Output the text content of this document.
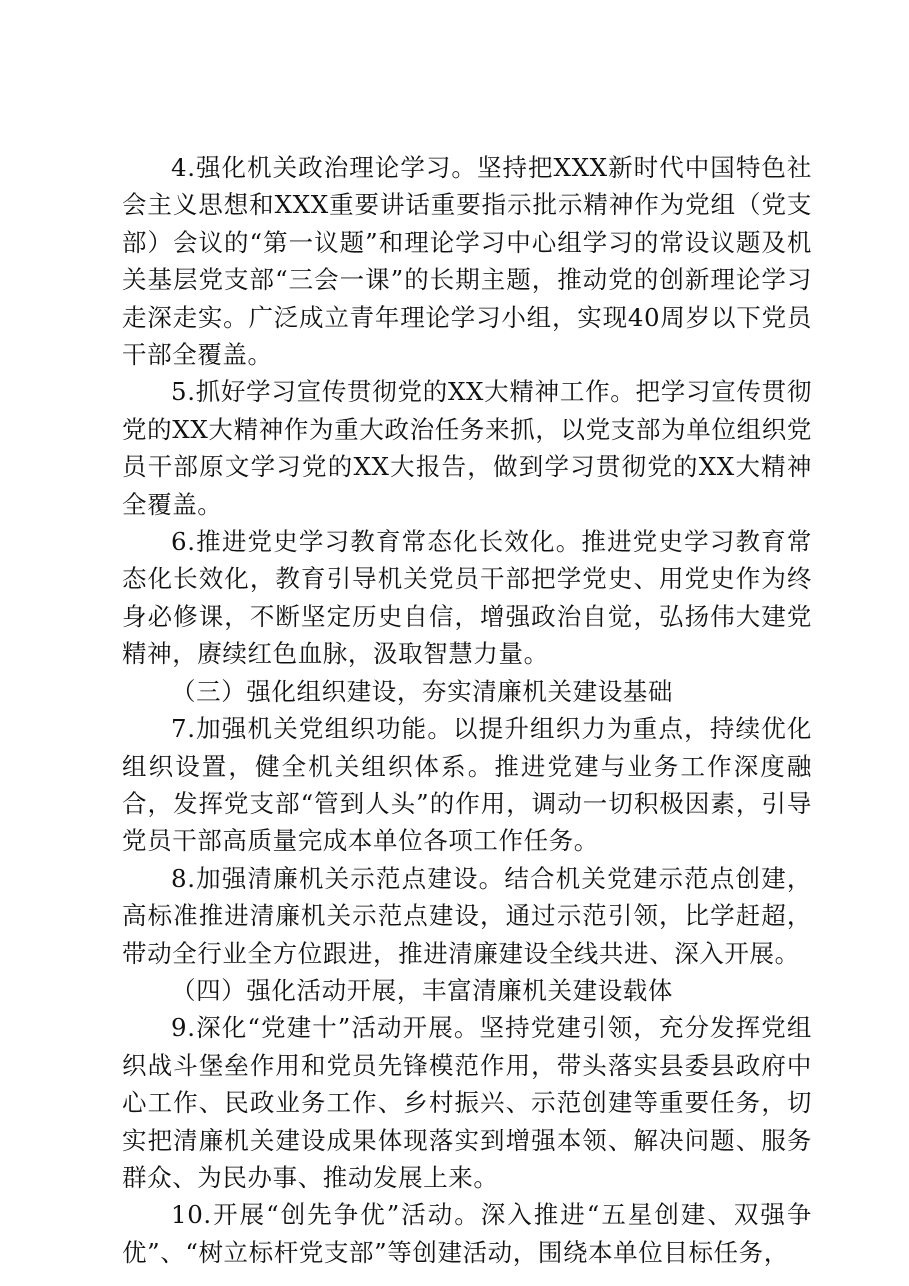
4.强化机关政治理论学习。坚持把XXX新时代中国特色社会主义思想和XXX重要讲话重要指示批示精神作为党组（党支部）会议的“第一议题”和理论学习中心组学习的常设议题及机关基层党支部“三会一课”的长期主题，推动党的创新理论学习走深走实。广泛成立青年理论学习小组，实现40周岁以下党员干部全覆盖。

5.抓好学习宣传贯彻党的XX大精神工作。把学习宣传贯彻党的XX大精神作为重大政治任务来抓，以党支部为单位组织党员干部原文学习党的XX大报告，做到学习贯彻党的XX大精神全覆盖。

6.推进党史学习教育常态化长效化。推进党史学习教育常态化长效化，教育引导机关党员干部把学党史、用党史作为终身必修课，不断坚定历史自信，增强政治自觉，弘扬伟大建党精神，赓续红色血脉，汲取智慧力量。

（三）强化组织建设，夯实清廉机关建设基础

7.加强机关党组织功能。以提升组织力为重点，持续优化组织设置，健全机关组织体系。推进党建与业务工作深度融合，发挥党支部“管到人头”的作用，调动一切积极因素，引导党员干部高质量完成本单位各项工作任务。

8.加强清廉机关示范点建设。结合机关党建示范点创建，高标准推进清廉机关示范点建设，通过示范引领，比学赶超，带动全行业全方位跟进，推进清廉建设全线共进、深入开展。

（四）强化活动开展，丰富清廉机关建设载体

9.深化“党建十”活动开展。坚持党建引领，充分发挥党组织战斗堡垒作用和党员先锋模范作用，带头落实县委县政府中心工作、民政业务工作、乡村振兴、示范创建等重要任务，切实把清廉机关建设成果体现落实到增强本领、解决问题、服务群众、为民办事、推动发展上来。

10.开展“创先争优”活动。深入推进“五星创建、双强争优”、“树立标杆党支部”等创建活动，围绕本单位目标任务，
